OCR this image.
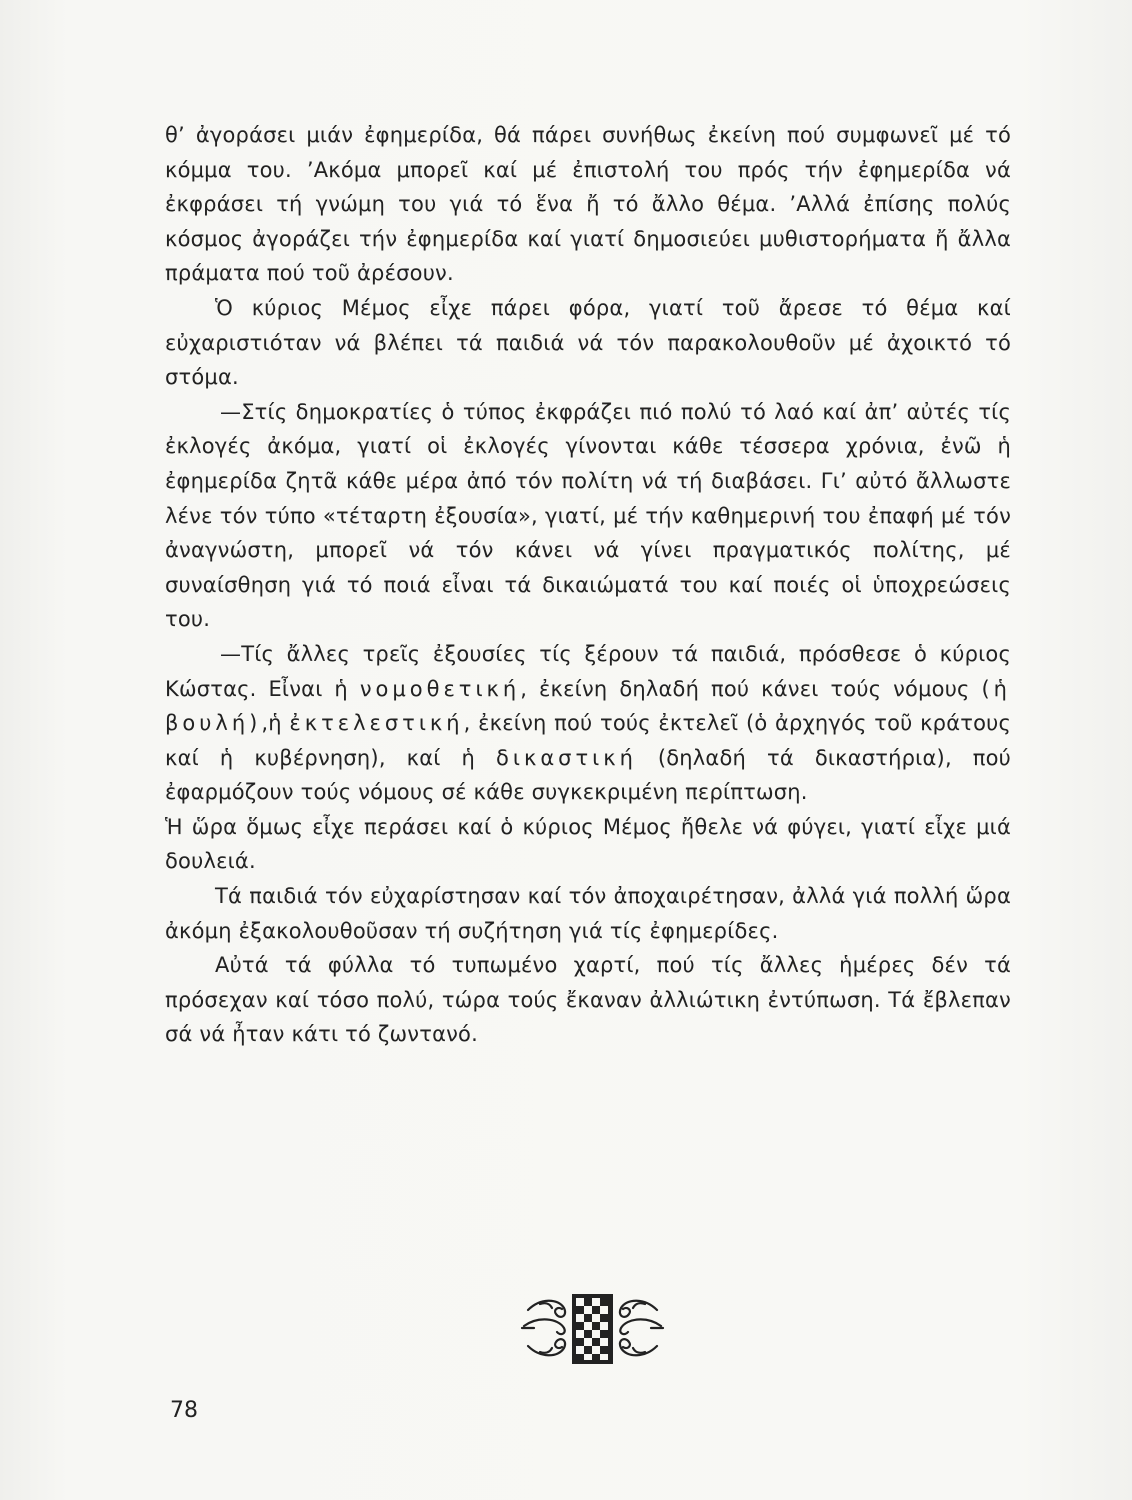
θ’ ἀγοράσει μιάν ἐφημερίδα, θά πάρει συνήθως ἐκείνη πού συμφωνεῖ μέ τό κόμμα του. ’Ακόμα μπορεῖ καί μέ ἐπιστολή του πρός τήν ἐφημερίδα νά ἐκφράσει τή γνώμη του γιά τό ἕνα ἤ τό ἄλλο θέμα. ’Αλλά ἐπίσης πολύς κόσμος ἀγοράζει τήν ἐφημερίδα καί γιατί δημοσιεύει μυθιστορήματα ἤ ἄλλα πράματα πού τοῦ ἀρέσουν.

Ὁ κύριος Μέμος εἶχε πάρει φόρα, γιατί τοῦ ἄρεσε τό θέμα καί εὐχαριστιόταν νά βλέπει τά παιδιά νά τόν παρακολουθοῦν μέ ἀχοικτό τό στόμα.

—Στίς δημοκρατίες ὁ τύπος ἐκφράζει πιό πολύ τό λαό καί ἀπ’ αὐτές τίς ἐκλογές ἀκόμα, γιατί οἱ ἐκλογές γίνονται κάθε τέσσερα χρόνια, ἐνῶ ἡ ἐφημερίδα ζητᾶ κάθε μέρα ἀπό τόν πολίτη νά τή διαβάσει. Γι’ αὐτό ἄλλωστε λένε τόν τύπο «τέταρτη ἐξουσία», γιατί, μέ τήν καθημερινή του ἐπαφή μέ τόν ἀναγνώστη, μπορεῖ νά τόν κάνει νά γίνει πραγματικός πολίτης, μέ συναίσθηση γιά τό ποιά εἶναι τά δικαιώματά του καί ποιές οἱ ὑποχρεώσεις του.

—Τίς ἄλλες τρεῖς ἐξουσίες τίς ξέρουν τά παιδιά, πρόσθεσε ὁ κύριος Κώστας. Εἶναι ἡ νομοθετική, ἐκείνη δηλαδή πού κάνει τούς νόμους (ἡ βουλή),ἡ ἐκτελεστική, ἐκείνη πού τούς ἐκτελεῖ (ὁ ἀρχηγός τοῦ κράτους καί ἡ κυβέρνηση), καί ἡ δικαστική (δηλαδή τά δικαστήρια), πού ἐφαρμόζουν τούς νόμους σέ κάθε συγκεκριμένη περίπτωση.

Ἡ ὥρα ὅμως εἶχε περάσει καί ὁ κύριος Μέμος ἤθελε νά φύγει, γιατί εἶχε μιά δουλειά.

Τά παιδιά τόν εὐχαρίστησαν καί τόν ἀποχαιρέτησαν, ἀλλά γιά πολλή ὥρα ἀκόμη ἐξακολουθοῦσαν τή συζήτηση γιά τίς ἐφημερίδες.

Αὐτά τά φύλλα τό τυπωμένο χαρτί, πού τίς ἄλλες ἡμέρες δέν τά πρόσεχαν καί τόσο πολύ, τώρα τούς ἔκαναν ἀλλιώτικη ἐντύπωση. Τά ἔβλεπαν σά νά ἦταν κάτι τό ζωντανό.

78
